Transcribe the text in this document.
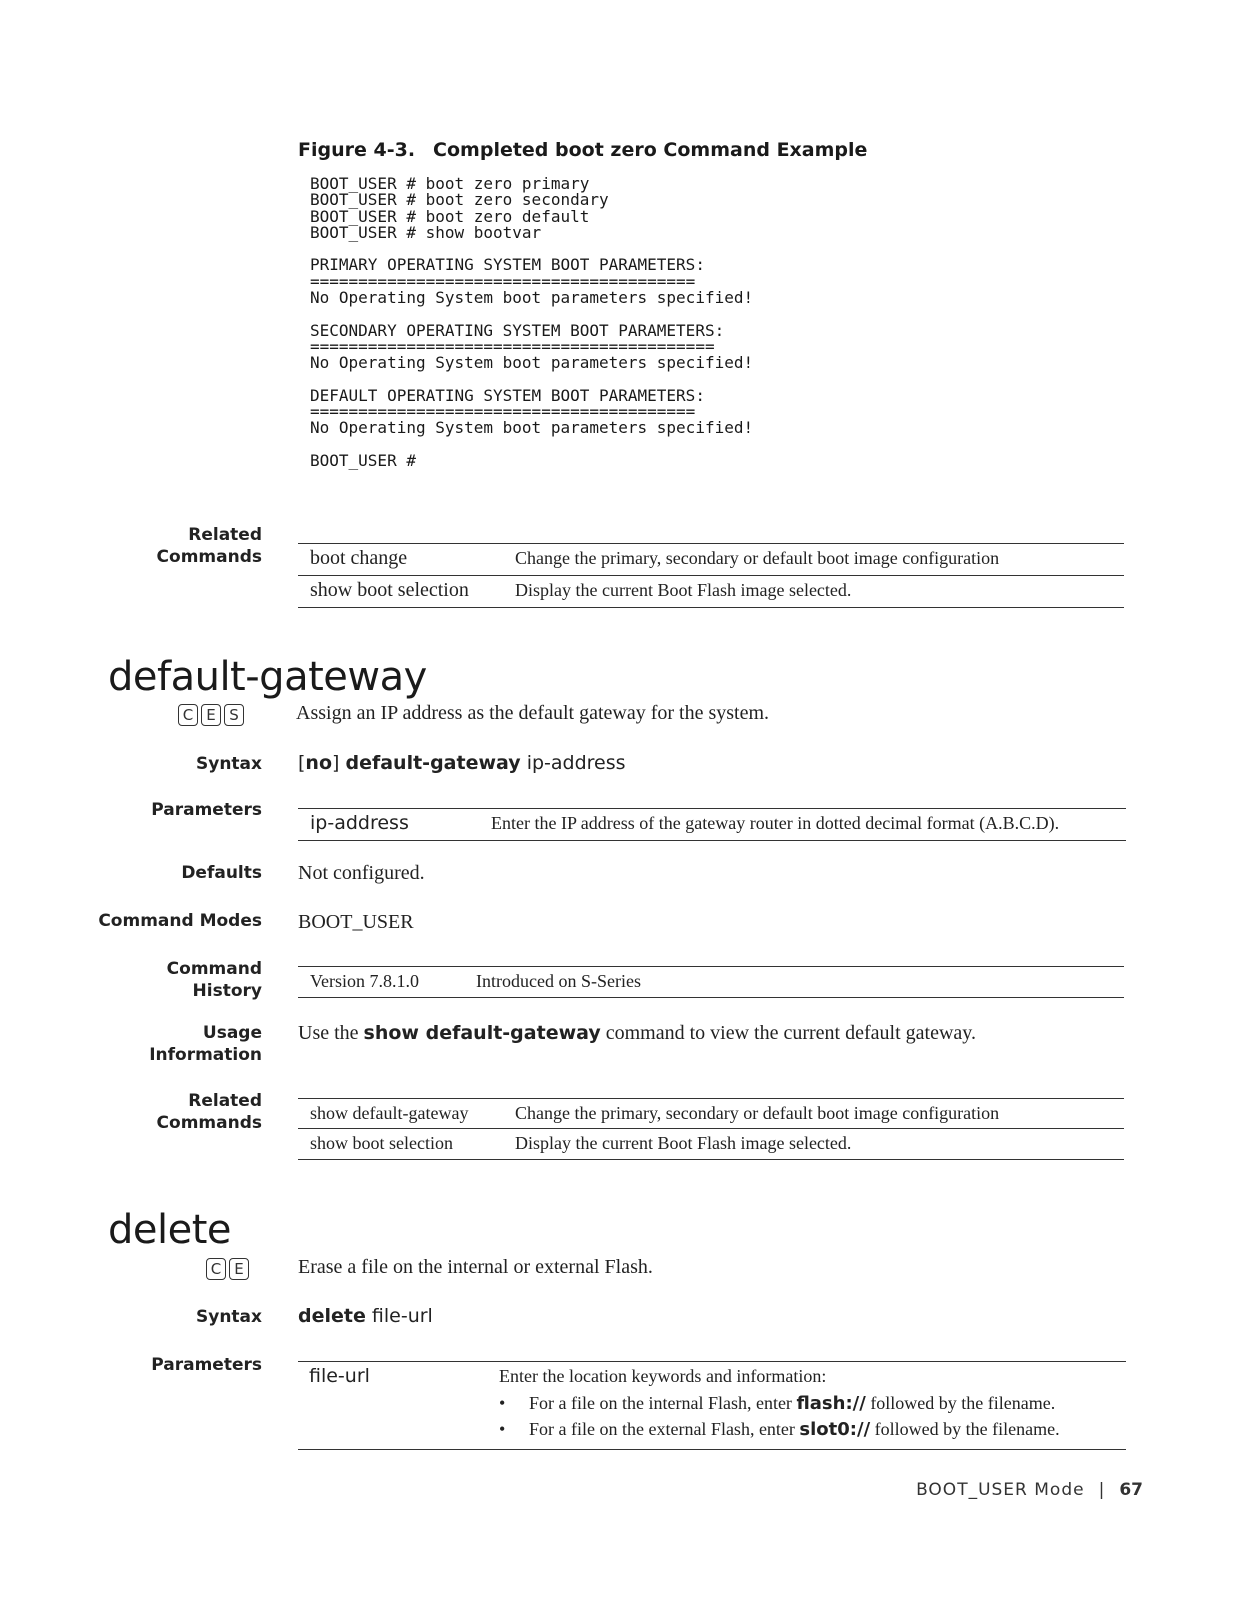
Figure 4-3. Completed boot zero Command Example
BOOT_USER # boot zero primary
BOOT_USER # boot zero secondary
BOOT_USER # boot zero default
BOOT_USER # show bootvar

PRIMARY OPERATING SYSTEM BOOT PARAMETERS:
========================================
No Operating System boot parameters specified!

SECONDARY OPERATING SYSTEM BOOT PARAMETERS:
==========================================
No Operating System boot parameters specified!

DEFAULT OPERATING SYSTEM BOOT PARAMETERS:
========================================
No Operating System boot parameters specified!

BOOT_USER #
Related Commands boot change	Change the primary, secondary or default boot image configuration
show boot selection	Display the current Boot Flash image selected.
default-gateway
C E S	Assign an IP address as the default gateway for the system.
Syntax [no] default-gateway ip-address
Parameters
ip-address	Enter the IP address of the gateway router in dotted decimal format (A.B.C.D).
Defaults Not configured.
Command Modes BOOT_USER
Command History	Version 7.8.1.0	Introduced on S-Series
Usage Information
Use the show default-gateway command to view the current default gateway.
Related Commands	show default-gateway	Change the primary, secondary or default boot image configuration
show boot selection	Display the current Boot Flash image selected.
delete
C E	Erase a file on the internal or external Flash.
Syntax delete file-url
Parameters file-url	Enter the location keywords and information:
• For a file on the internal Flash, enter flash:// followed by the filename.
• For a file on the external Flash, enter slot0:// followed by the filename.
BOOT_USER Mode | 67
